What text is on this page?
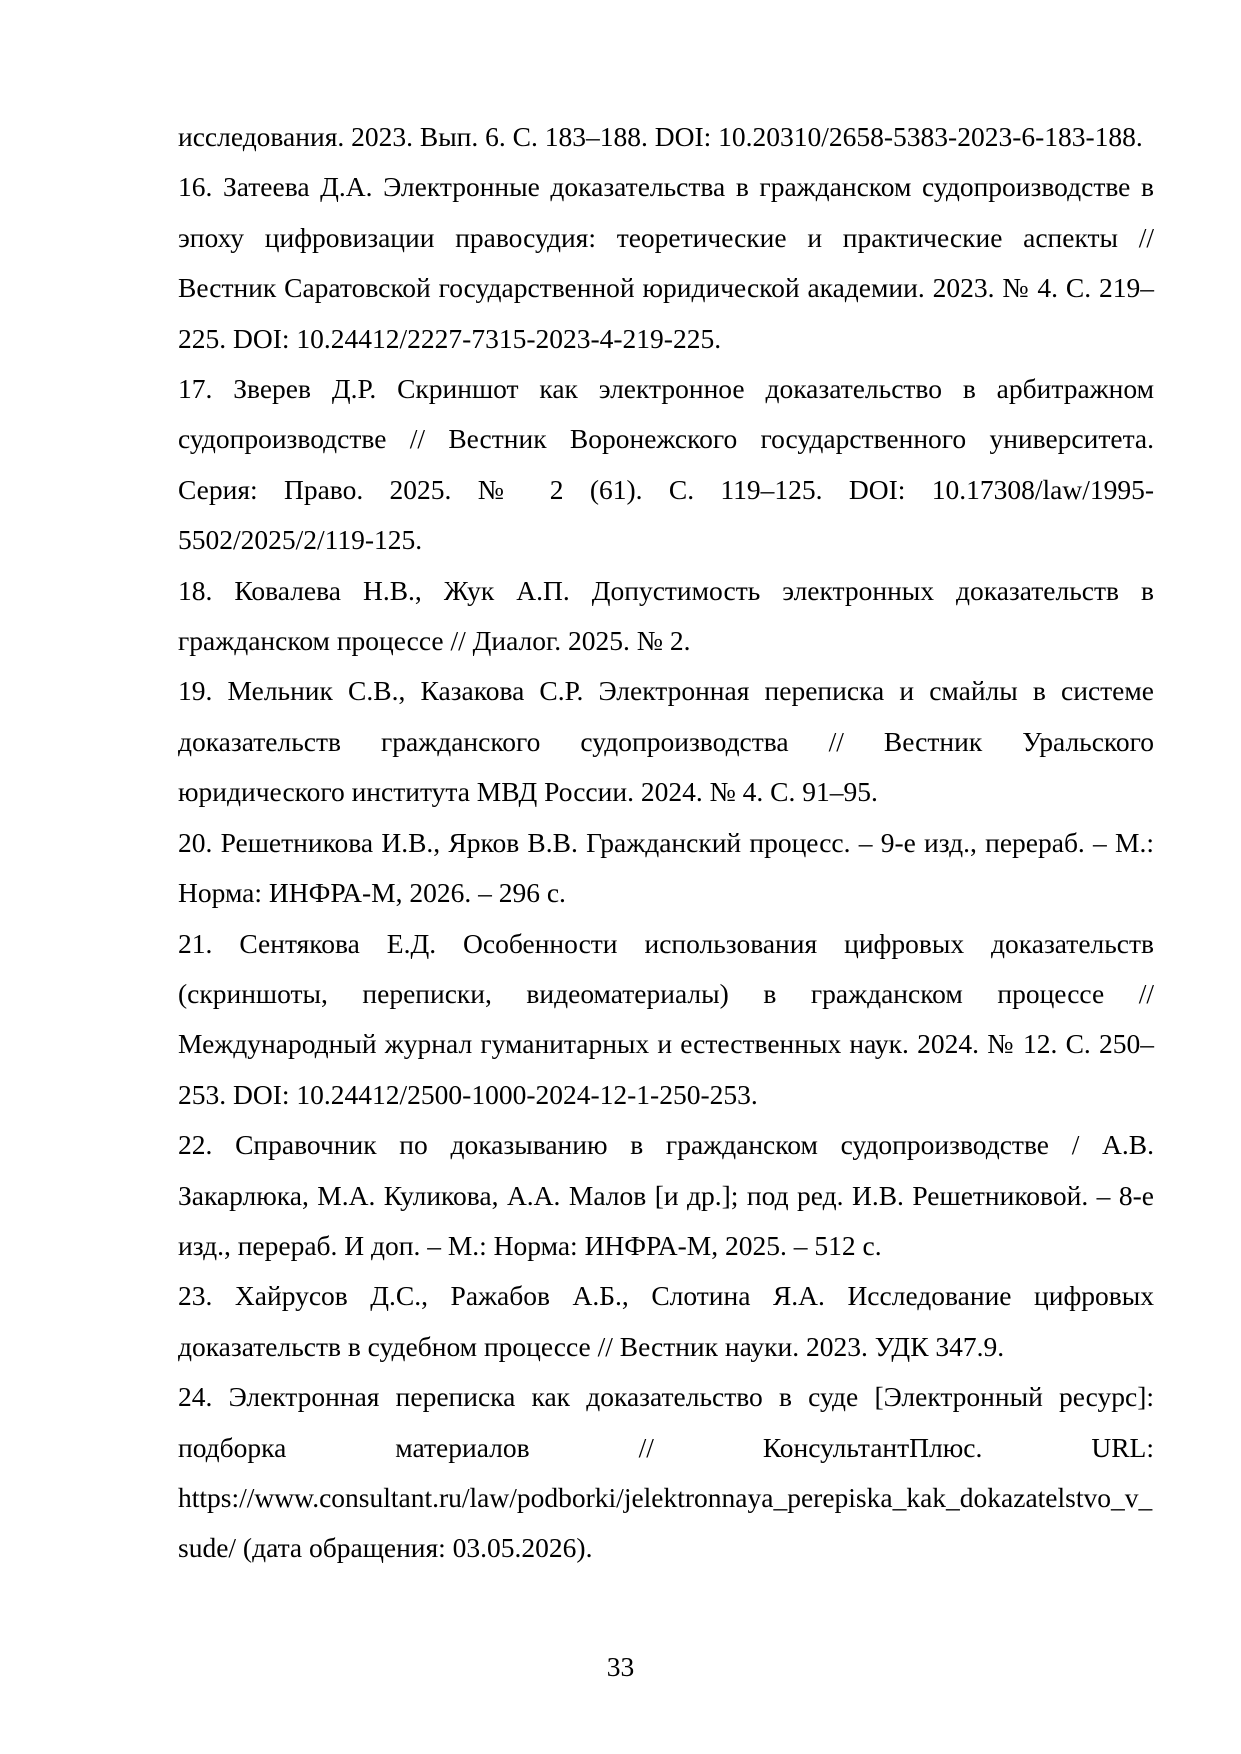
исследования. 2023. Вып. 6. С. 183–188. DOI: 10.20310/2658-5383-2023-6-183-188.

16. Затеева Д.А. Электронные доказательства в гражданском судопроизводстве в эпоху цифровизации правосудия: теоретические и практические аспекты // Вестник Саратовской государственной юридической академии. 2023. № 4. С. 219–225. DOI: 10.24412/2227-7315-2023-4-219-225.

17. Зверев Д.Р. Скриншот как электронное доказательство в арбитражном судопроизводстве // Вестник Воронежского государственного университета. Серия: Право. 2025. № 2 (61). С. 119–125. DOI: 10.17308/law/1995-5502/2025/2/119-125.

18. Ковалева Н.В., Жук А.П. Допустимость электронных доказательств в гражданском процессе // Диалог. 2025. № 2.

19. Мельник С.В., Казакова С.Р. Электронная переписка и смайлы в системе доказательств гражданского судопроизводства // Вестник Уральского юридического института МВД России. 2024. № 4. С. 91–95.

20. Решетникова И.В., Ярков В.В. Гражданский процесс. – 9-е изд., перераб. – М.: Норма: ИНФРА-М, 2026. – 296 с.

21. Сентякова Е.Д. Особенности использования цифровых доказательств (скриншоты, переписки, видеоматериалы) в гражданском процессе // Международный журнал гуманитарных и естественных наук. 2024. № 12. С. 250–253. DOI: 10.24412/2500-1000-2024-12-1-250-253.

22. Справочник по доказыванию в гражданском судопроизводстве / А.В. Закарлюка, М.А. Куликова, А.А. Малов [и др.]; под ред. И.В. Решетниковой. – 8-е изд., перераб. И доп. – М.: Норма: ИНФРА-М, 2025. – 512 с.

23. Хайрусов Д.С., Ражабов А.Б., Слотина Я.А. Исследование цифровых доказательств в судебном процессе // Вестник науки. 2023. УДК 347.9.

24. Электронная переписка как доказательство в суде [Электронный ресурс]: подборка материалов // КонсультантПлюс. URL: https://www.consultant.ru/law/podborki/jelektronnaya_perepiska_kak_dokazatelstvo_v_sude/ (дата обращения: 03.05.2026).

33
